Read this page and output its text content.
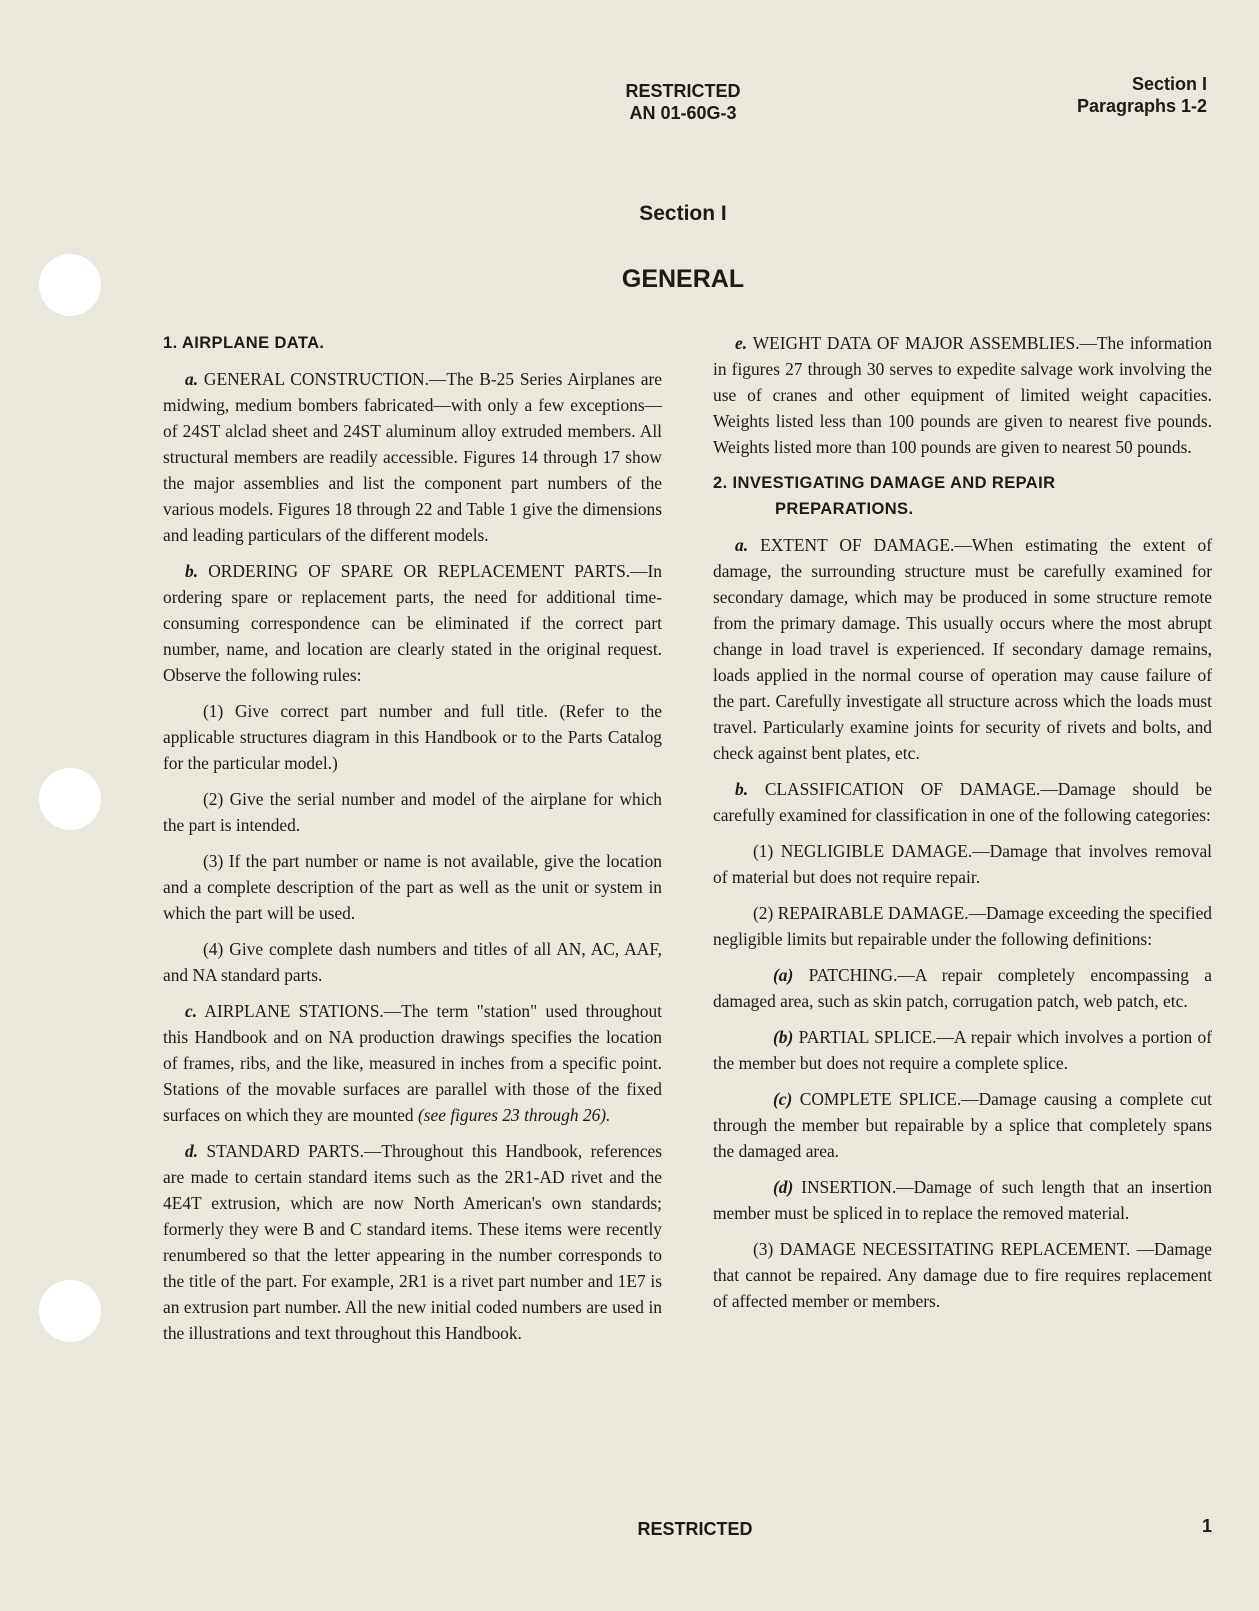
RESTRICTED
AN 01-60G-3
Section I
Paragraphs 1-2
Section I
GENERAL

1. AIRPLANE DATA.

a. GENERAL CONSTRUCTION.—The B-25 Series Airplanes are midwing, medium bombers fabricated—with only a few exceptions—of 24ST alclad sheet and 24ST aluminum alloy extruded members. All structural members are readily accessible. Figures 14 through 17 show the major assemblies and list the component part numbers of the various models. Figures 18 through 22 and Table 1 give the dimensions and leading particulars of the different models.

b. ORDERING OF SPARE OR REPLACEMENT PARTS.—In ordering spare or replacement parts, the need for additional time-consuming correspondence can be eliminated if the correct part number, name, and location are clearly stated in the original request. Observe the following rules:

(1) Give correct part number and full title. (Refer to the applicable structures diagram in this Handbook or to the Parts Catalog for the particular model.)

(2) Give the serial number and model of the airplane for which the part is intended.

(3) If the part number or name is not available, give the location and a complete description of the part as well as the unit or system in which the part will be used.

(4) Give complete dash numbers and titles of all AN, AC, AAF, and NA standard parts.

c. AIRPLANE STATIONS.—The term "station" used throughout this Handbook and on NA production drawings specifies the location of frames, ribs, and the like, measured in inches from a specific point. Stations of the movable surfaces are parallel with those of the fixed surfaces on which they are mounted (see figures 23 through 26).

d. STANDARD PARTS.—Throughout this Handbook, references are made to certain standard items such as the 2R1-AD rivet and the 4E4T extrusion, which are now North American's own standards; formerly they were B and C standard items. These items were recently renumbered so that the letter appearing in the number corresponds to the title of the part. For example, 2R1 is a rivet part number and 1E7 is an extrusion part number. All the new initial coded numbers are used in the illustrations and text throughout this Handbook.

e. WEIGHT DATA OF MAJOR ASSEMBLIES.—The information in figures 27 through 30 serves to expedite salvage work involving the use of cranes and other equipment of limited weight capacities. Weights listed less than 100 pounds are given to nearest five pounds. Weights listed more than 100 pounds are given to nearest 50 pounds.

2. INVESTIGATING DAMAGE AND REPAIR
PREPARATIONS.

a. EXTENT OF DAMAGE.—When estimating the extent of damage, the surrounding structure must be carefully examined for secondary damage, which may be produced in some structure remote from the primary damage. This usually occurs where the most abrupt change in load travel is experienced. If secondary damage remains, loads applied in the normal course of operation may cause failure of the part. Carefully investigate all structure across which the loads must travel. Particularly examine joints for security of rivets and bolts, and check against bent plates, etc.

b. CLASSIFICATION OF DAMAGE.—Damage should be carefully examined for classification in one of the following categories:

(1) NEGLIGIBLE DAMAGE.—Damage that involves removal of material but does not require repair.

(2) REPAIRABLE DAMAGE.—Damage exceeding the specified negligible limits but repairable under the following definitions:

(a) PATCHING.—A repair completely encompassing a damaged area, such as skin patch, corrugation patch, web patch, etc.

(b) PARTIAL SPLICE.—A repair which involves a portion of the member but does not require a complete splice.

(c) COMPLETE SPLICE.—Damage causing a complete cut through the member but repairable by a splice that completely spans the damaged area.

(d) INSERTION.—Damage of such length that an insertion member must be spliced in to replace the removed material.

(3) DAMAGE NECESSITATING REPLACEMENT. —Damage that cannot be repaired. Any damage due to fire requires replacement of affected member or members.

RESTRICTED	1
